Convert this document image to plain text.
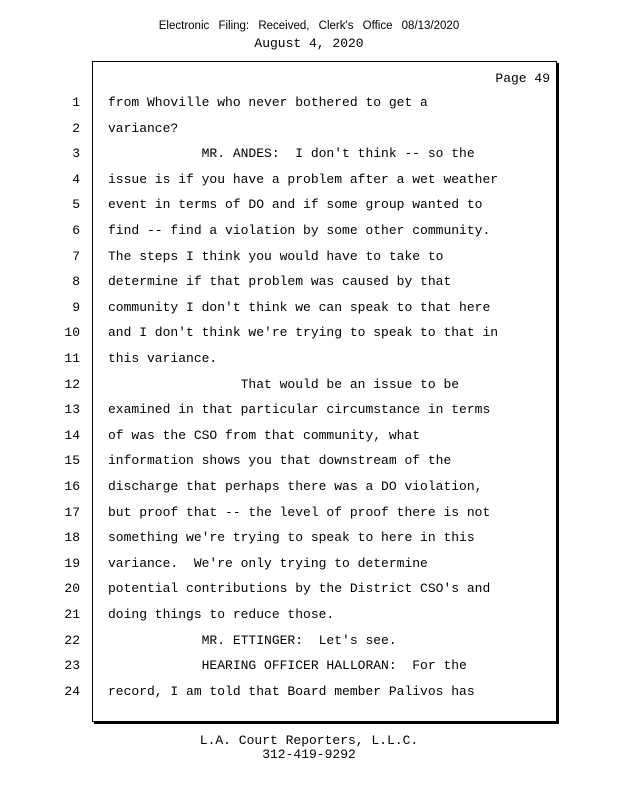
Electronic Filing: Received, Clerk's Office 08/13/2020
August 4, 2020
Page 49
1 from Whoville who never bothered to get a
2 variance?
3 MR. ANDES:  I don't think -- so the
4 issue is if you have a problem after a wet weather
5 event in terms of DO and if some group wanted to
6 find -- find a violation by some other community.
7 The steps I think you would have to take to
8 determine if that problem was caused by that
9 community I don't think we can speak to that here
10 and I don't think we're trying to speak to that in
11 this variance.
12 That would be an issue to be
13 examined in that particular circumstance in terms
14 of was the CSO from that community, what
15 information shows you that downstream of the
16 discharge that perhaps there was a DO violation,
17 but proof that -- the level of proof there is not
18 something we're trying to speak to here in this
19 variance.  We're only trying to determine
20 potential contributions by the District CSO's and
21 doing things to reduce those.
22 MR. ETTINGER:  Let's see.
23 HEARING OFFICER HALLORAN:  For the
24 record, I am told that Board member Palivos has
L.A. Court Reporters, L.L.C.
312-419-9292
